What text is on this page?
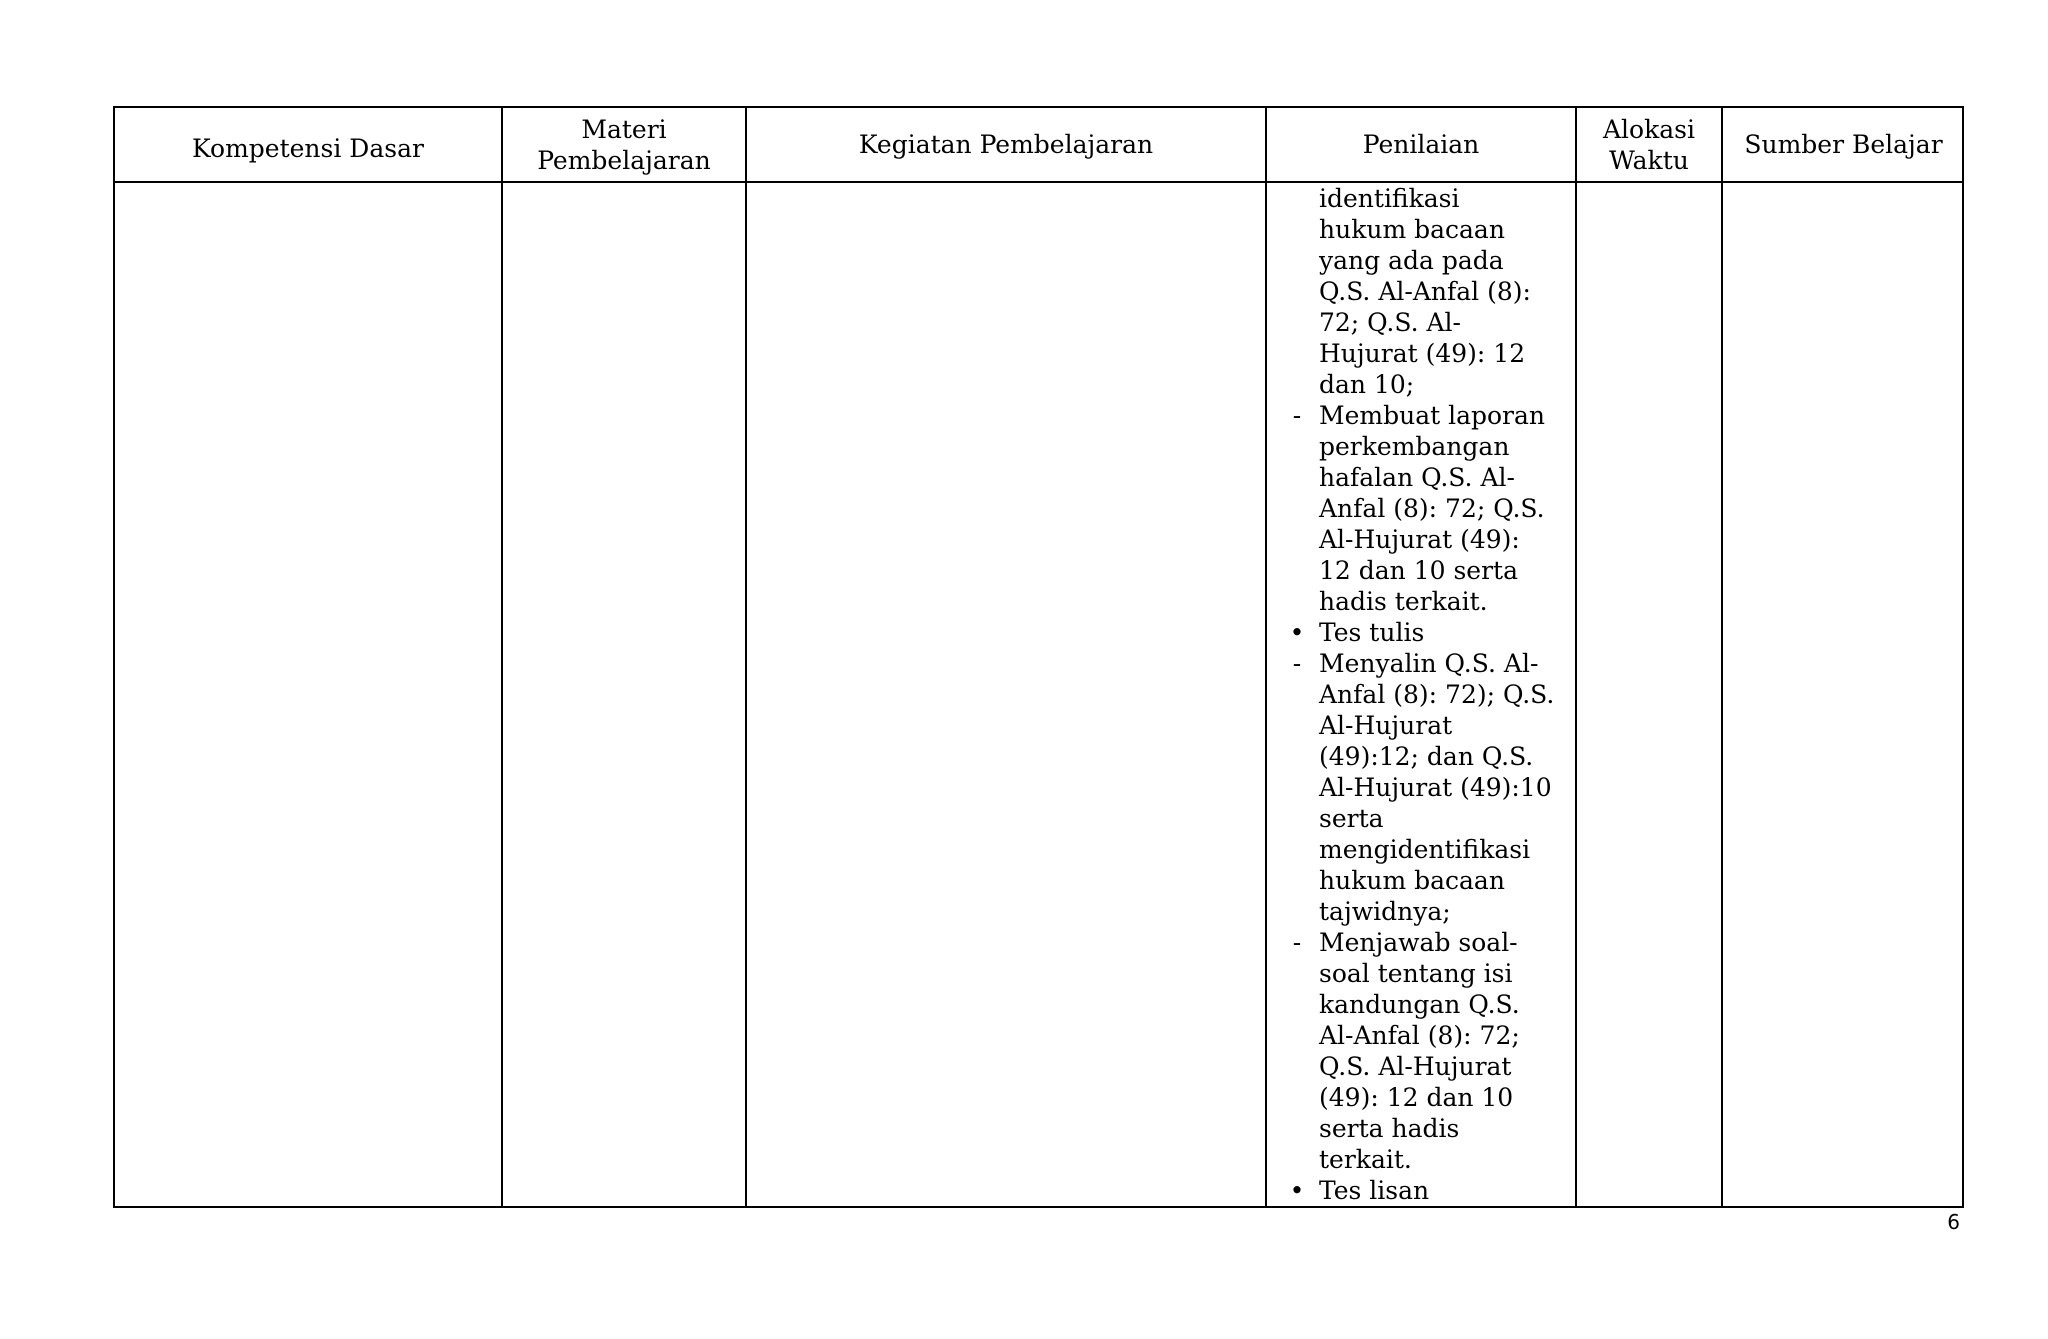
Kompetensi Dasar
Materi
Pembelajaran
Kegiatan Pembelajaran	Penilaian
Alokasi
Waktu
Sumber Belajar
identifikasi
hukum bacaan
yang ada pada
Q.S. Al-Anfal (8):
72; Q.S. Al-
Hujurat (49): 12
dan 10;
- Membuat laporan
perkembangan
hafalan Q.S. Al-
Anfal (8): 72; Q.S.
Al-Hujurat (49):
12 dan 10 serta
hadis terkait.
• Tes tulis
- Menyalin Q.S. Al-
Anfal (8): 72); Q.S.
Al-Hujurat
(49):12; dan Q.S.
Al-Hujurat (49):10
serta
mengidentifikasi
hukum bacaan
tajwidnya;
- Menjawab soal-
soal tentang isi
kandungan Q.S.
Al-Anfal (8): 72;
Q.S. Al-Hujurat
(49): 12 dan 10
serta hadis
terkait.
• Tes lisan
6
